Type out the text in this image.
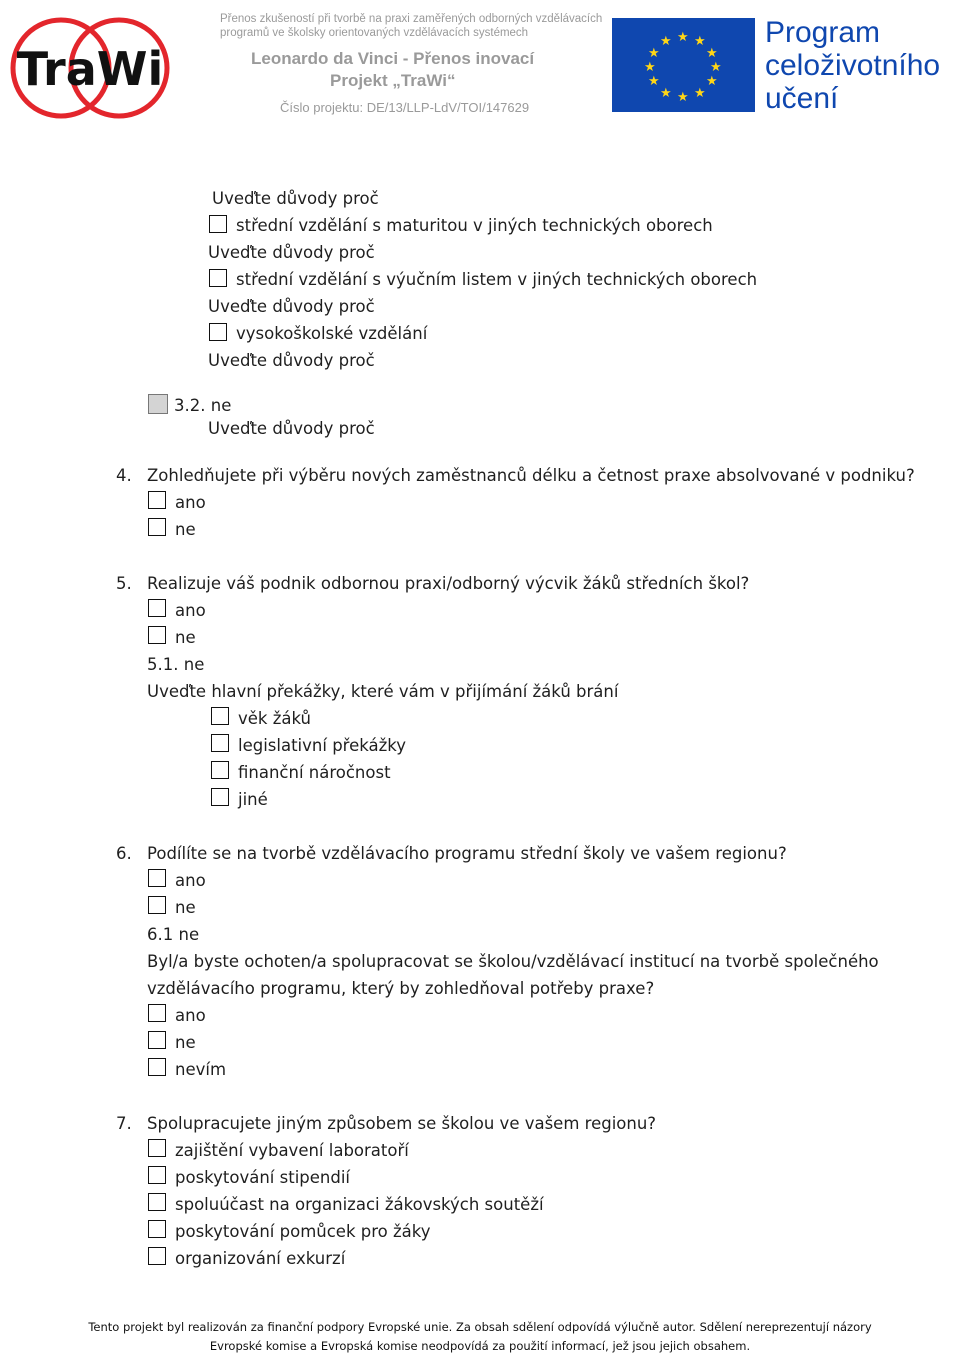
TraWi
Přenos zkušeností při tvorbě na praxi zaměřených odborných vzdělávacích
programů ve školsky orientovaných vzdělávacích systémech
Leonardo da Vinci - Přenos inovací
Projekt „TraWi“
Číslo projektu: DE/13/LLP-LdV/TOI/147629
★ ★
★
★
★
★
★
★
★
★
★
★	Program
celoživotního
učení
Uveďte důvody proč
střední vzdělání s maturitou v jiných technických oborech
Uveďte důvody proč
střední vzdělání s výučním listem v jiných technických oborech
Uveďte důvody proč
vysokoškolské vzdělání
Uveďte důvody proč
3.2. ne
Uveďte důvody proč
4. Zohledňujete při výběru nových zaměstnanců délku a četnost praxe absolvované v podniku?
ano
ne
5. Realizuje váš podnik odbornou praxi/odborný výcvik žáků středních škol?
ano
ne
5.1. ne
Uveďte hlavní překážky, které vám v přijímání žáků brání
věk žáků
legislativní překážky
finanční náročnost
jiné
6. Podílíte se na tvorbě vzdělávacího programu střední školy ve vašem regionu?
ano
ne
6.1 ne
Byl/a byste ochoten/a spolupracovat se školou/vzdělávací institucí na tvorbě společného
vzdělávacího programu, který by zohledňoval potřeby praxe?
ano
ne
nevím
7. Spolupracujete jiným způsobem se školou ve vašem regionu?
zajištění vybavení laboratoří
poskytování stipendií
spoluúčast na organizaci žákovských soutěží
poskytování pomůcek pro žáky
organizování exkurzí
Tento projekt byl realizován za finanční podpory Evropské unie. Za obsah sdělení odpovídá výlučně autor. Sdělení nereprezentují názory
Evropské komise a Evropská komise neodpovídá za použití informací, jež jsou jejich obsahem.
